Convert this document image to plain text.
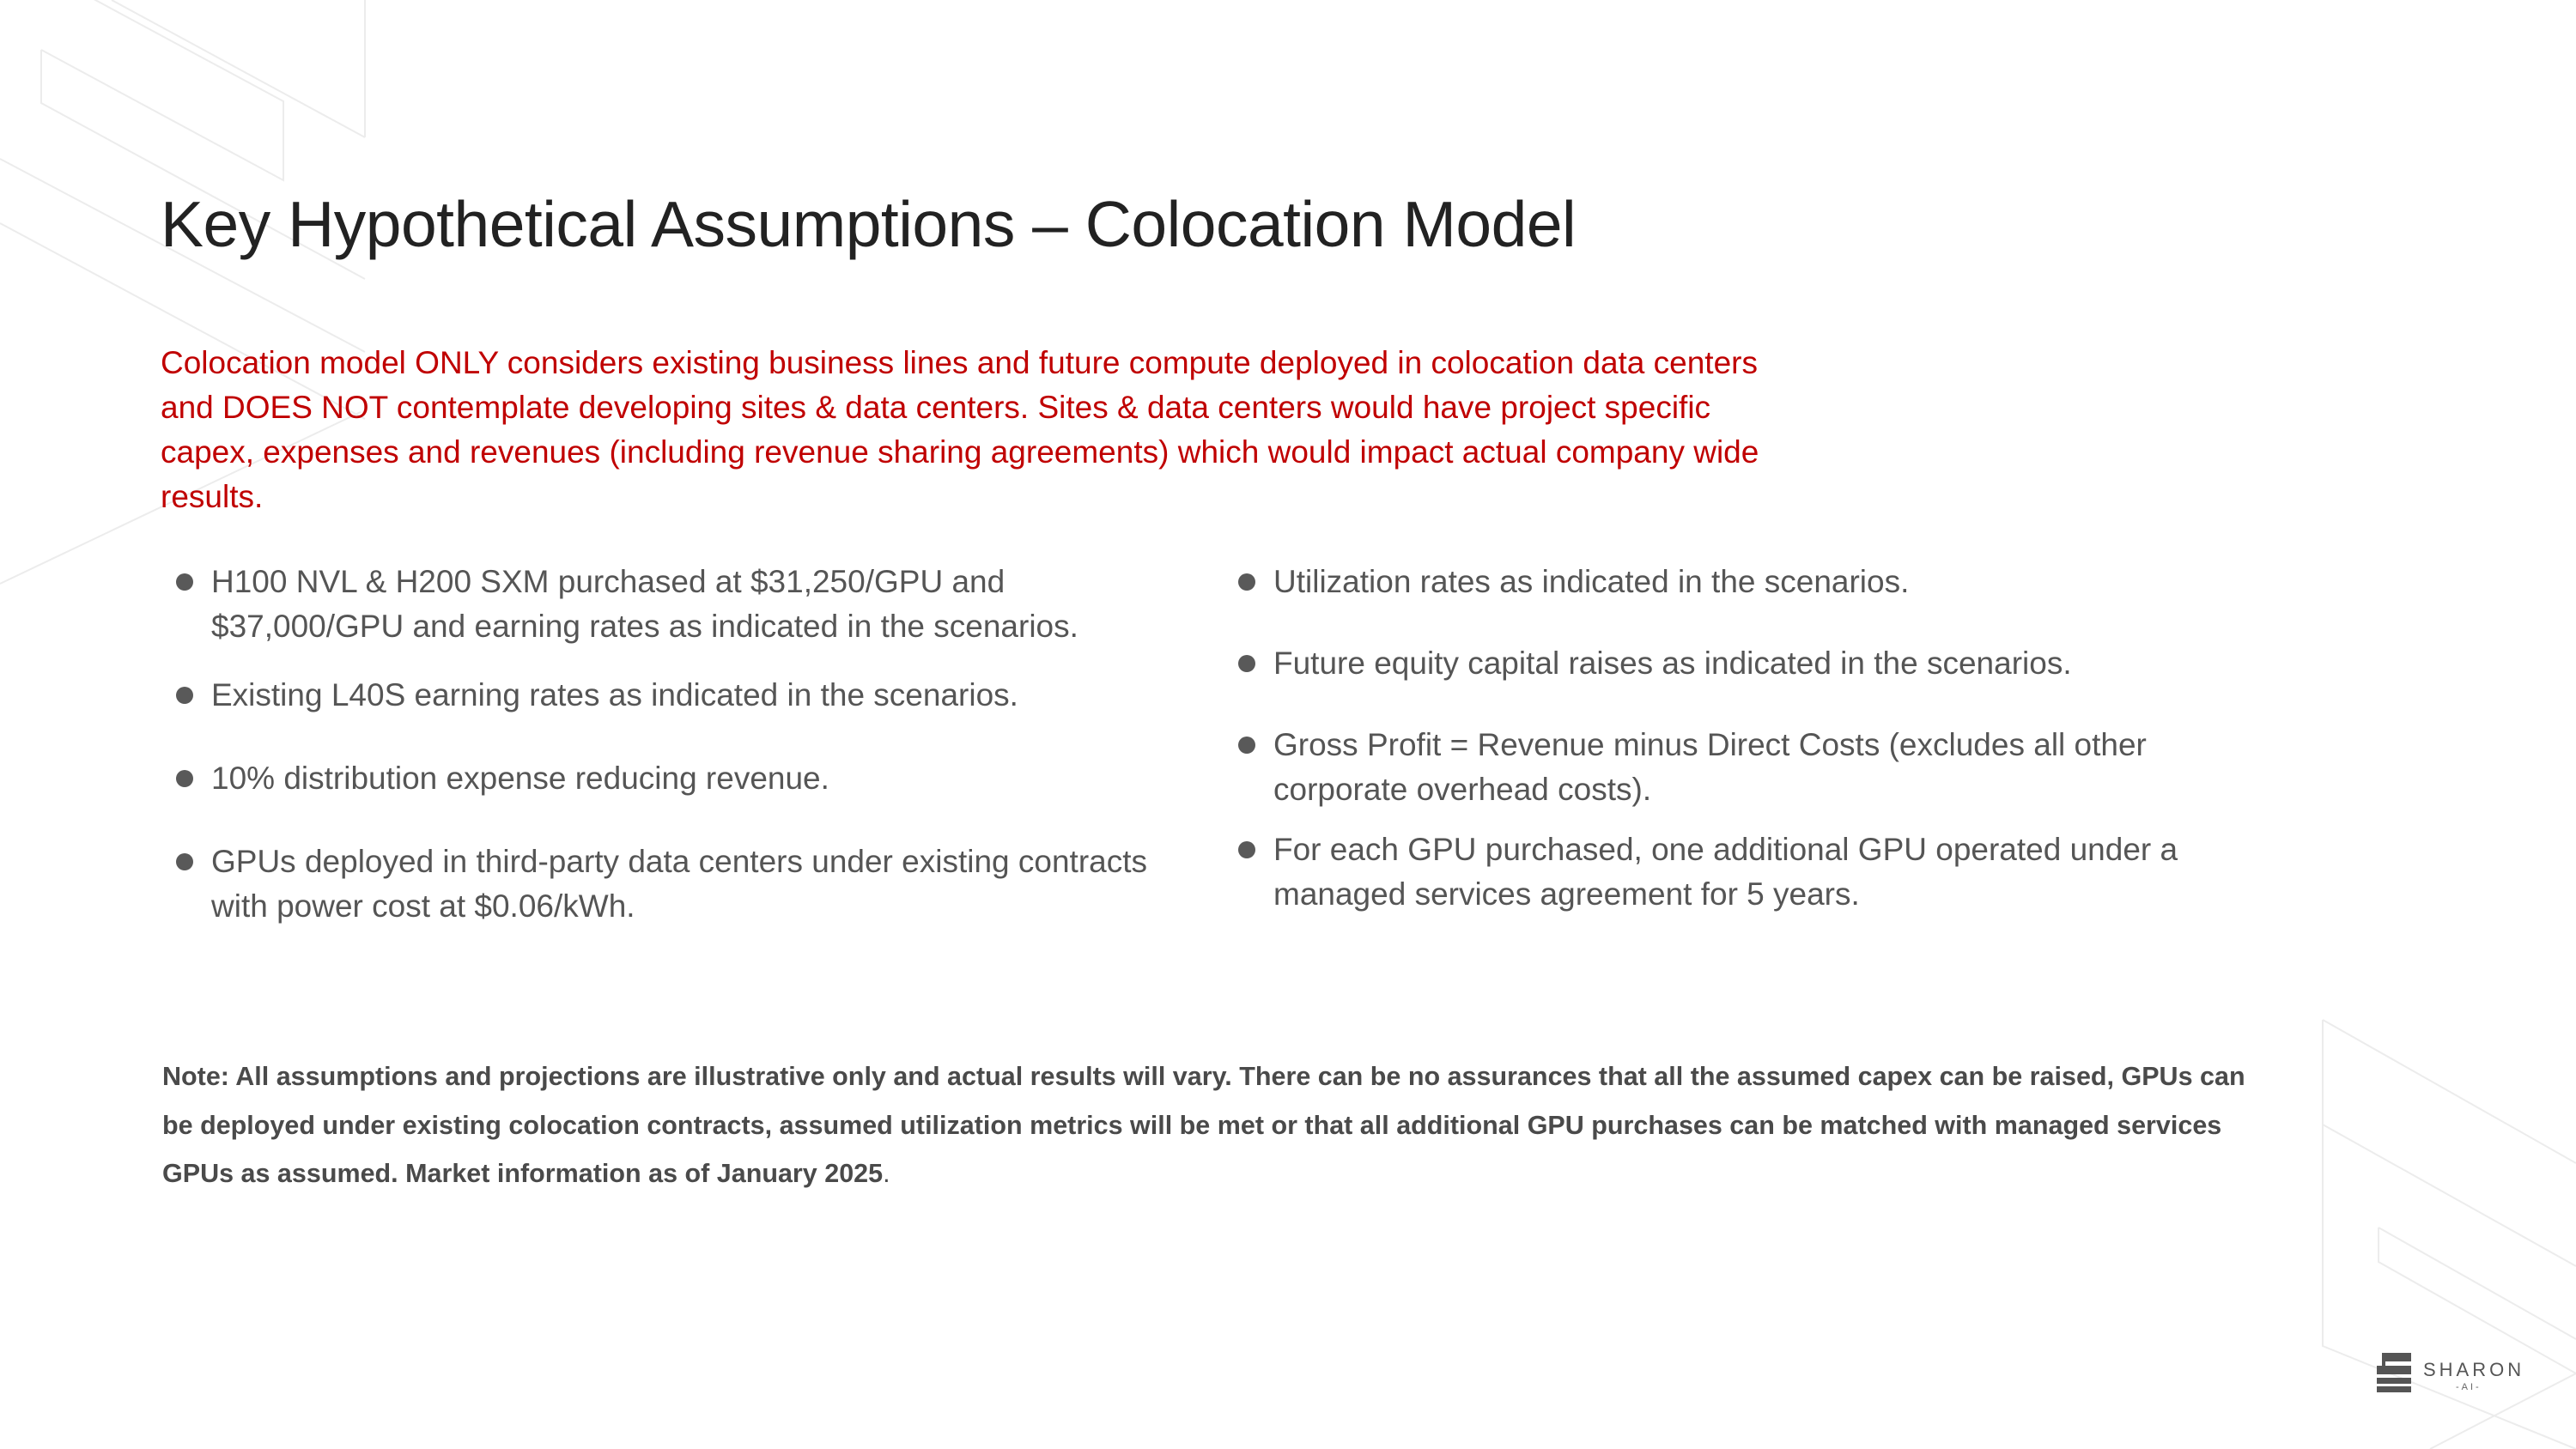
Key Hypothetical Assumptions – Colocation Model

Colocation model ONLY considers existing business lines and future compute deployed in colocation data centers and DOES NOT contemplate developing sites & data centers. Sites & data centers would have project specific capex, expenses and revenues (including revenue sharing agreements) which would impact actual company wide results.

H100 NVL & H200 SXM purchased at $31,250/GPU and $37,000/GPU and earning rates as indicated in the scenarios.
Existing L40S earning rates as indicated in the scenarios.
10% distribution expense reducing revenue.
GPUs deployed in third-party data centers under existing contracts with power cost at $0.06/kWh.
Utilization rates as indicated in the scenarios.
Future equity capital raises as indicated in the scenarios.
Gross Profit = Revenue minus Direct Costs (excludes all other corporate overhead costs).
For each GPU purchased, one additional GPU operated under a managed services agreement for 5 years.

Note: All assumptions and projections are illustrative only and actual results will vary. There can be no assurances that all the assumed capex can be raised, GPUs can be deployed under existing colocation contracts, assumed utilization metrics will be met or that all additional GPU purchases can be matched with managed services GPUs as assumed. Market information as of January 2025.

SHARON
-AI-
